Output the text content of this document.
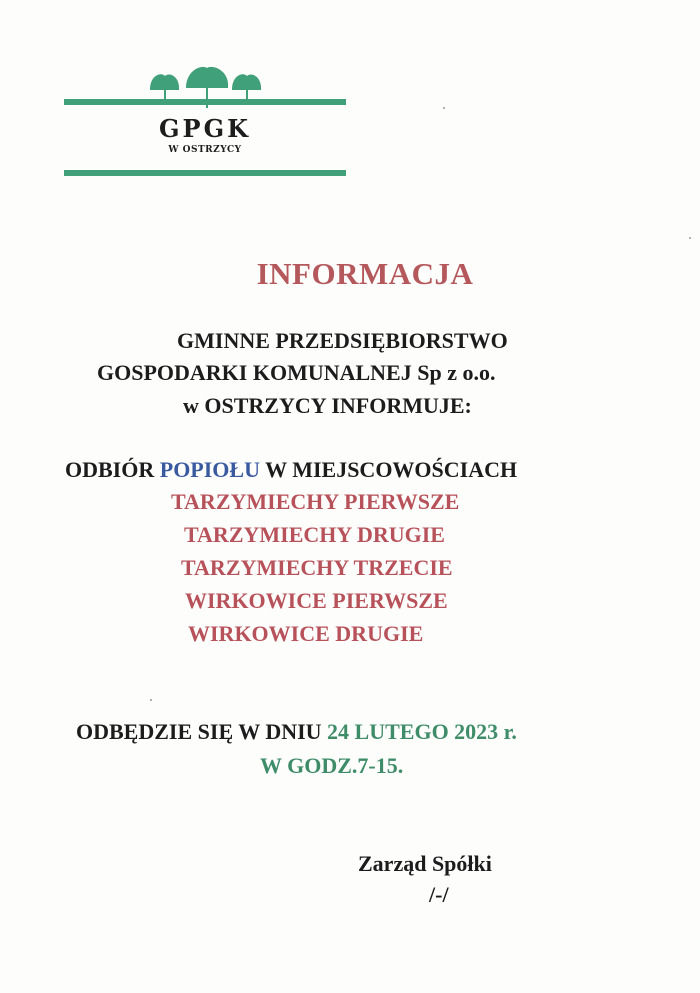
GPGK
W OSTRZYCY
INFORMACJA
GMINNE PRZEDSIĘBIORSTWO
GOSPODARKI KOMUNALNEJ Sp z o.o.
w OSTRZYCY INFORMUJE:
ODBIÓR POPIOŁU W MIEJSCOWOŚCIACH
TARZYMIECHY PIERWSZE
TARZYMIECHY DRUGIE
TARZYMIECHY TRZECIE
WIRKOWICE PIERWSZE
WIRKOWICE DRUGIE
ODBĘDZIE SIĘ W DNIU 24 LUTEGO 2023 r.
W GODZ.7-15.
Zarząd Spółki
/-/
